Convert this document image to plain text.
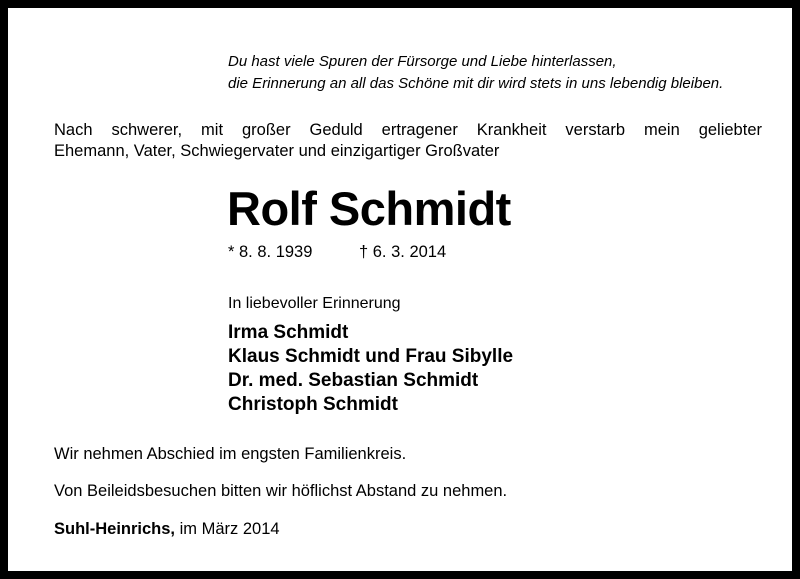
Du hast viele Spuren der Fürsorge und Liebe hinterlassen,
die Erinnerung an all das Schöne mit dir wird stets in uns lebendig bleiben.
Nach schwerer, mit großer Geduld ertragener Krankheit verstarb mein geliebter
Ehemann, Vater, Schwiegervater und einzigartiger Großvater
Rolf Schmidt
* 8. 8. 1939	† 6. 3. 2014
In liebevoller Erinnerung
Irma Schmidt
Klaus Schmidt und Frau Sibylle
Dr. med. Sebastian Schmidt
Christoph Schmidt
Wir nehmen Abschied im engsten Familienkreis.
Von Beileidsbesuchen bitten wir höflichst Abstand zu nehmen.
Suhl-Heinrichs, im März 2014
